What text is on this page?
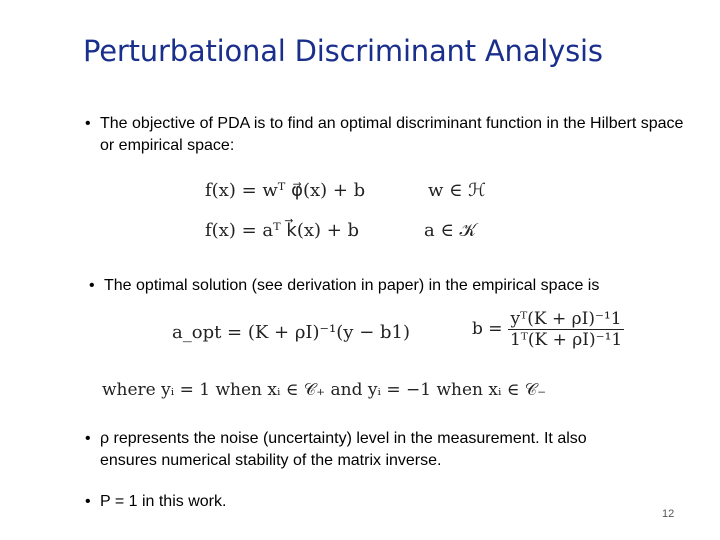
Perturbational Discriminant Analysis
• The objective of PDA is to find an optimal discriminant function in the Hilbert space or empirical space:
f(x) = wᵀ φ⃗(x) + b	w ∈ ℋ
f(x) = aᵀ k⃗(x) + b	a ∈ 𝒦
• The optimal solution (see derivation in paper) in the empirical space is
a_opt = (K + ρI)⁻¹(y − b1)	$b = \frac{\text{yᵀ(K + ρI)⁻¹1}}{\text{1ᵀ(K + ρI)⁻¹1}}$
where yᵢ = 1 when xᵢ ∈ 𝒞₊ and yᵢ = −1 when xᵢ ∈ 𝒞₋
• ρ represents the noise (uncertainty) level in the measurement. It also ensures numerical stability of the matrix inverse.
• P = 1 in this work.
12
